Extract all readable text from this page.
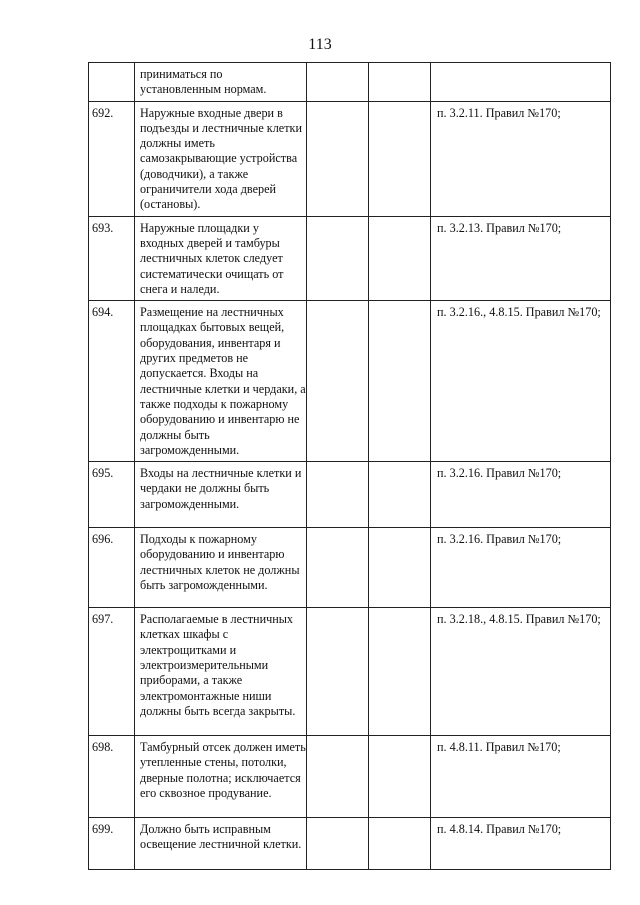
113
	приниматься по установленным нормам.			
692.	Наружные входные двери в подъезды и лестничные клетки должны иметь самозакрывающие устройства (доводчики), а также ограничители хода дверей (остановы).			п. 3.2.11. Правил №170;
693.	Наружные площадки у входных дверей и тамбуры лестничных клеток следует систематически очищать от снега и наледи.			п. 3.2.13. Правил №170;
694.	Размещение на лестничных площадках бытовых вещей, оборудования, инвентаря и других предметов не допускается. Входы на лестничные клетки и чердаки, а также подходы к пожарному оборудованию и инвентарю не должны быть загроможденными.			п. 3.2.16., 4.8.15. Правил №170;
695.	Входы на лестничные клетки и чердаки не должны быть загроможденными.			п. 3.2.16. Правил №170;
696.	Подходы к пожарному оборудованию и инвентарю лестничных клеток не должны быть загроможденными.			п. 3.2.16. Правил №170;
697.	Располагаемые в лестничных клетках шкафы с электрощитками и электроизмерительными приборами, а также электромонтажные ниши должны быть всегда закрыты.			п. 3.2.18., 4.8.15. Правил №170;
698.	Тамбурный отсек должен иметь утепленные стены, потолки, дверные полотна; исключается его сквозное продувание.			п. 4.8.11. Правил №170;
699.	Должно быть исправным освещение лестничной клетки.			п. 4.8.14. Правил №170;
